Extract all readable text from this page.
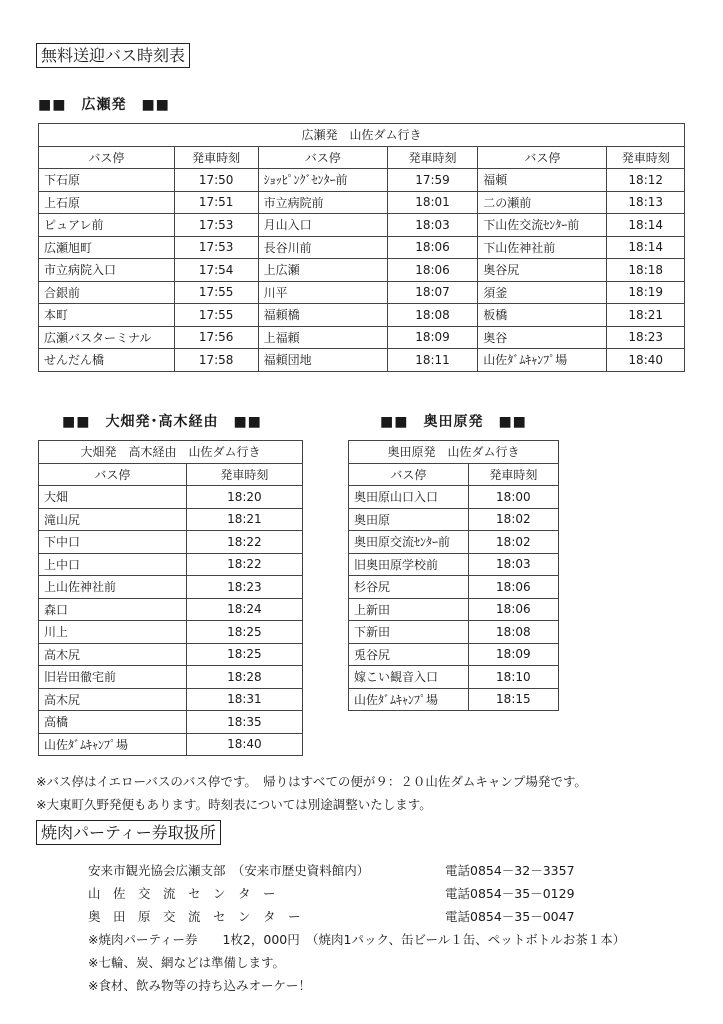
無料送迎バス時刻表
■■　広瀬発　■■
広瀬発　山佐ダム行き					
バス停	発車時刻	バス停	発車時刻	バス停	発車時刻
下石原	17:50	ｼｮｯﾋﾟﾝｸﾞｾﾝﾀｰ前	17:59	福頼	18:12
上石原	17:51	市立病院前	18:01	二の瀬前	18:13
ピュアレ前	17:53	月山入口	18:03	下山佐交流ｾﾝﾀｰ前	18:14
広瀬旭町	17:53	長谷川前	18:06	下山佐神社前	18:14
市立病院入口	17:54	上広瀬	18:06	奥谷尻	18:18
合銀前	17:55	川平	18:07	須釜	18:19
本町	17:55	福頼橋	18:08	板橋	18:21
広瀬バスターミナル	17:56	上福頼	18:09	奥谷	18:23
せんだん橋	17:58	福頼団地	18:11	山佐ﾀﾞﾑｷｬﾝﾌﾟ場	18:40
■■　大畑発･高木経由　■■
大畑発　高木経由　山佐ダム行き	
バス停	発車時刻
大畑	18:20
滝山尻	18:21
下中口	18:22
上中口	18:22
上山佐神社前	18:23
森口	18:24
川上	18:25
高木尻	18:25
旧岩田徹宅前	18:28
高木尻	18:31
高橋	18:35
山佐ﾀﾞﾑｷｬﾝﾌﾟ場	18:40
■■　奥田原発　■■
奥田原発　山佐ダム行き	
バス停	発車時刻
奥田原山口入口	18:00
奥田原	18:02
奥田原交流ｾﾝﾀｰ前	18:02
旧奥田原学校前	18:03
杉谷尻	18:06
上新田	18:06
下新田	18:08
兎谷尻	18:09
嫁こい観音入口	18:10
山佐ﾀﾞﾑｷｬﾝﾌﾟ場	18:15
※バス停はイエローバスのバス停です。　帰りはすべての便が９：２０山佐ダムキャンプ場発です。
※大東町久野発便もあります。時刻表については別途調整いたします。
焼肉パーティー券取扱所
安来市観光協会広瀬支部　（安来市歴史資料館内）	電話0854－32－3357
山　佐　交　流　セ　ン　タ　ー	電話0854－35－0129
奥　田　原　交　流　セ　ン　タ　ー	電話0854－35－0047
※焼肉パーティー券　　1枚2，000円　（焼肉1パック、缶ビール１缶、ペットボトルお茶１本）
※七輪、炭、網などは準備します。
※食材、飲み物等の持ち込みオーケー！
